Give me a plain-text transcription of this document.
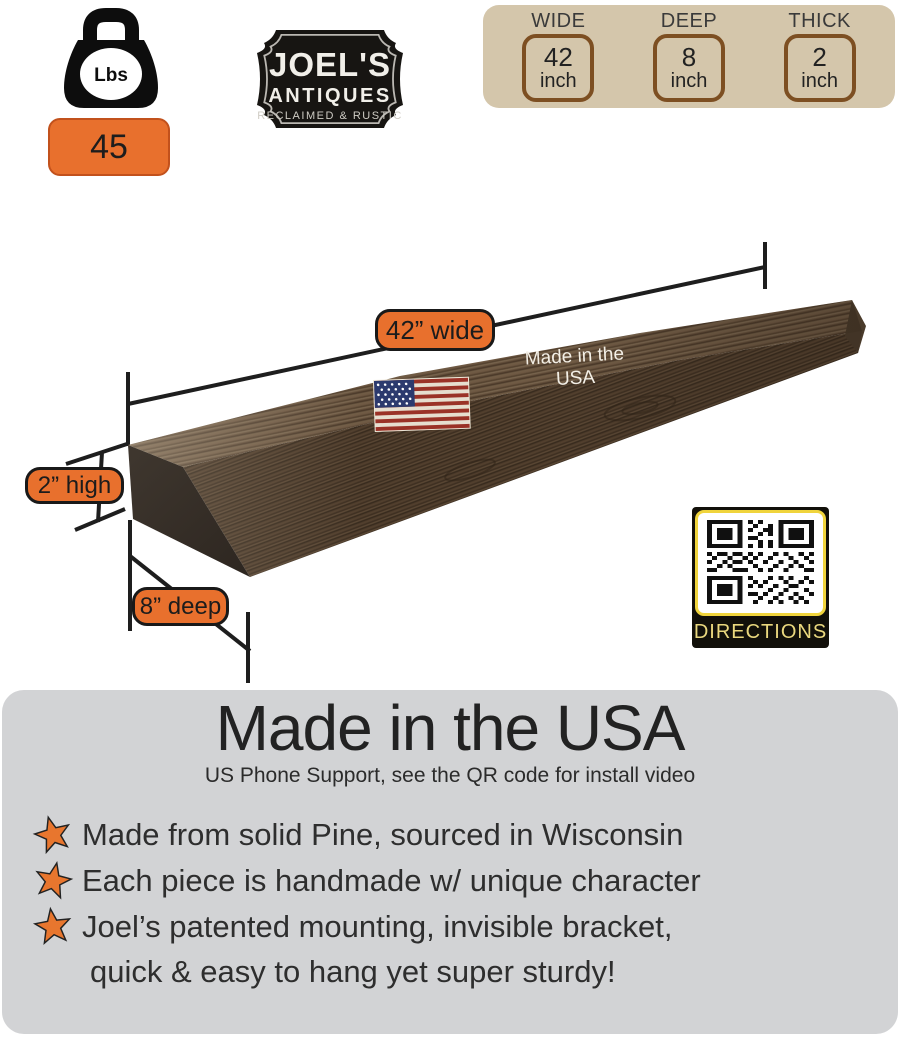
Lbs
45
JOEL'S
ANTIQUES
RECLAIMED & RUSTIC
WIDE
42
inch
DEEP
8
inch
THICK
2
inch
42” wide
2” high
8” deep
Made in the
USA
DIRECTIONS
Made in the USA
US Phone Support, see the QR code for install video
Made from solid Pine, sourced in Wisconsin
Each piece is handmade w/ unique character
Joel’s patented mounting, invisible bracket,
quick & easy to hang yet super sturdy!
